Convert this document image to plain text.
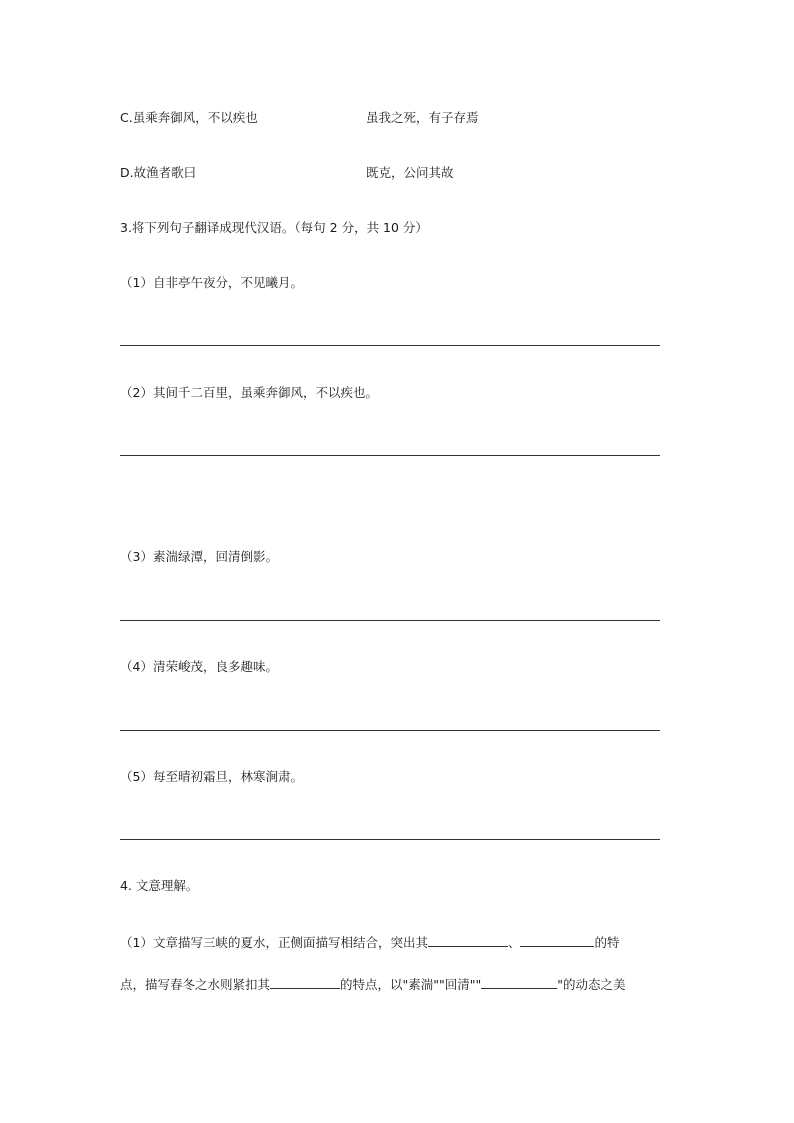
C.虽乘奔御风，不以疾也	虽我之死，有子存焉
D.故渔者歌曰	既克，公问其故
3.将下列句子翻译成现代汉语。（每句 2 分，共 10 分）
（1）自非亭午夜分，不见曦月。
（2）其间千二百里，虽乘奔御风，不以疾也。
（3）素湍绿潭，回清倒影。
（4）清荣峻茂，良多趣味。
（5）每至晴初霜旦，林寒涧肃。
4. 文意理解。
（1）文章描写三峡的夏水，正侧面描写相结合，突出其	、	的特
点，描写春冬之水则紧扣其	的特点，以"素湍""回清""	"的动态之美
